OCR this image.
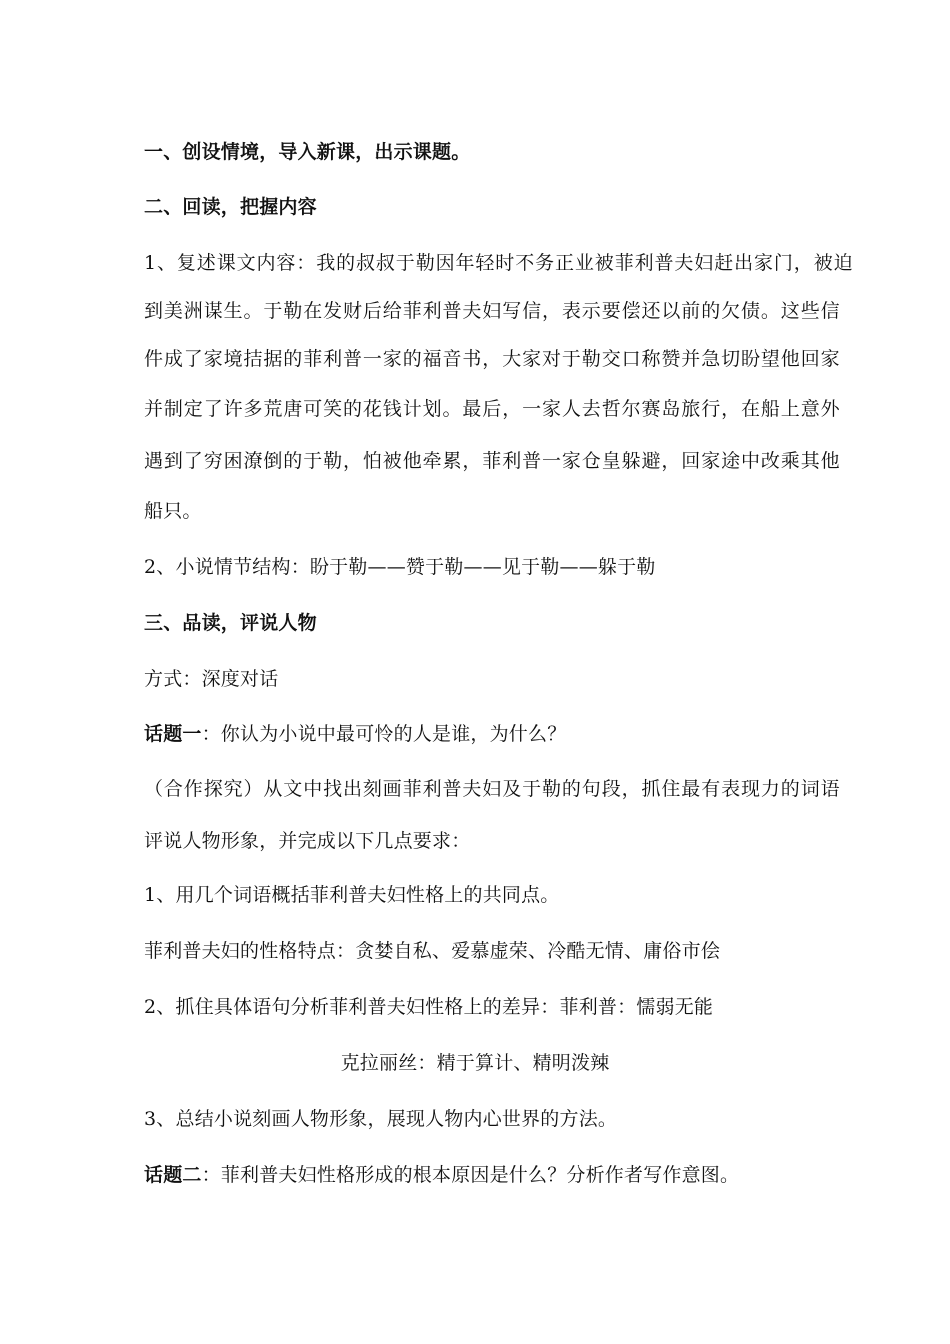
一、创设情境，导入新课，出示课题。
二、回读，把握内容
1、复述课文内容：我的叔叔于勒因年轻时不务正业被菲利普夫妇赶出家门，被迫
到美洲谋生。于勒在发财后给菲利普夫妇写信，表示要偿还以前的欠债。这些信
件成了家境拮据的菲利普一家的福音书，大家对于勒交口称赞并急切盼望他回家
并制定了许多荒唐可笑的花钱计划。最后，一家人去哲尔赛岛旅行，在船上意外
遇到了穷困潦倒的于勒，怕被他牵累，菲利普一家仓皇躲避，回家途中改乘其他
船只。
2、小说情节结构：盼于勒——赞于勒——见于勒——躲于勒
三、品读，评说人物
方式：深度对话
话题一：你认为小说中最可怜的人是谁，为什么？
（合作探究）从文中找出刻画菲利普夫妇及于勒的句段，抓住最有表现力的词语
评说人物形象，并完成以下几点要求：
1、用几个词语概括菲利普夫妇性格上的共同点。
菲利普夫妇的性格特点：贪婪自私、爱慕虚荣、冷酷无情、庸俗市侩
2、抓住具体语句分析菲利普夫妇性格上的差异：菲利普：懦弱无能
克拉丽丝：精于算计、精明泼辣
3、总结小说刻画人物形象，展现人物内心世界的方法。
话题二：菲利普夫妇性格形成的根本原因是什么？分析作者写作意图。
